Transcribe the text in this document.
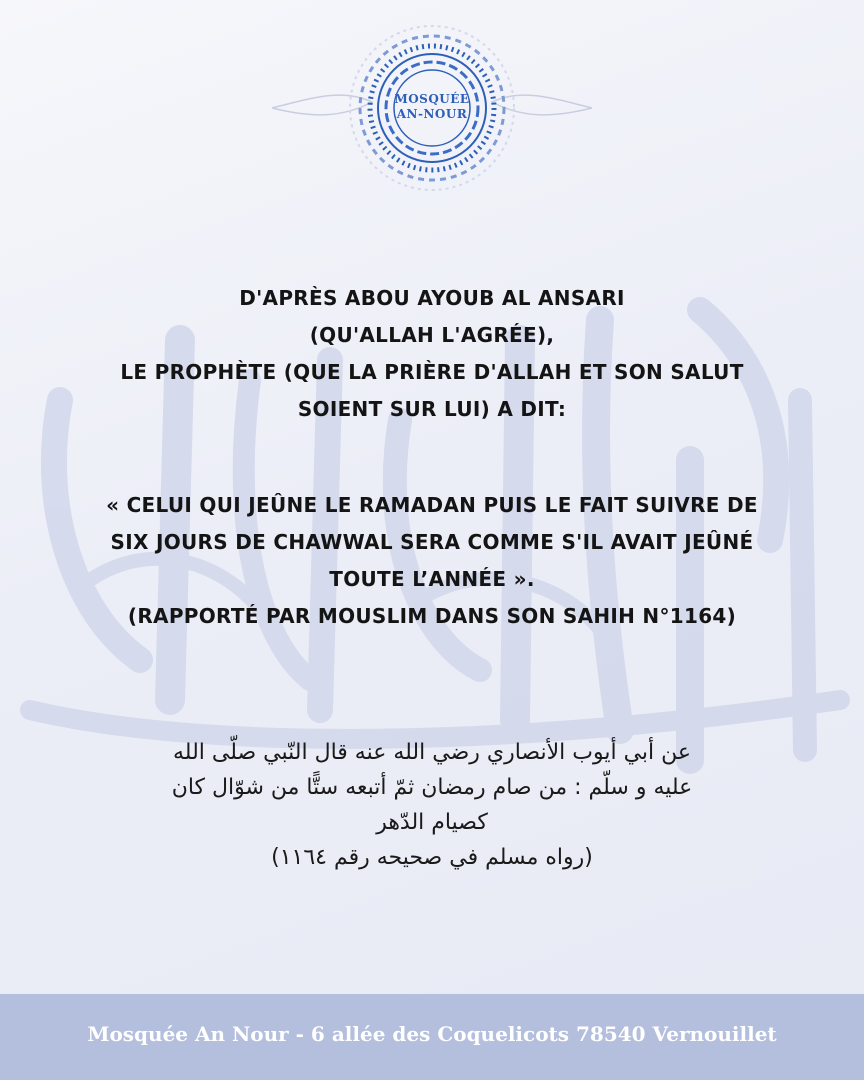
MOSQUÉE
AN-NOUR
D'APRÈS ABOU AYOUB AL ANSARI
(QU'ALLAH L'AGRÉE),
LE PROPHÈTE (QUE LA PRIÈRE D'ALLAH ET SON SALUT
SOIENT SUR LUI) A DIT:
« CELUI QUI JEÛNE LE RAMADAN PUIS LE FAIT SUIVRE DE
SIX JOURS DE CHAWWAL SERA COMME S'IL AVAIT JEÛNÉ
TOUTE L’ANNÉE ».
(RAPPORTÉ PAR MOUSLIM DANS SON SAHIH N°1164)
عن أبي أيوب الأنصاري رضي الله عنه قال النّبي صلّى الله
عليه و سلّم : من صام رمضان ثمّ أتبعه ستًّا من شوّال كان
كصيام الدّهر
(رواه مسلم في صحيحه رقم ١١٦٤)
Mosquée An Nour - 6 allée des Coquelicots 78540 Vernouillet
